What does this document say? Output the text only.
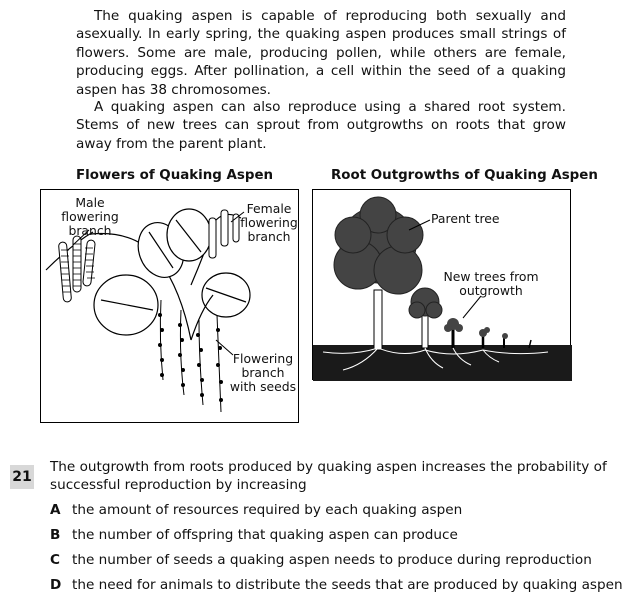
The quaking aspen is capable of reproducing both sexually and asexually. In early spring, the quaking aspen produces small strings of flowers. Some are male, producing pollen, while others are female, producing eggs. After pollination, a cell within the seed of a quaking aspen has 38 chromosomes.

A quaking aspen can also reproduce using a shared root system. Stems of new trees can sprout from outgrowths on roots that grow away from the parent plant.

Flowers of Quaking Aspen
Male flowering branch
Female flowering branch
Flowering branch with seeds
Root Outgrowths of Quaking Aspen
Parent tree
New trees from outgrowth
21

The outgrowth from roots produced by quaking aspen increases the probability of successful reproduction by increasing

A the amount of resources required by each quaking aspen
B the number of offspring that quaking aspen can produce
C the number of seeds a quaking aspen needs to produce during reproduction
D the need for animals to distribute the seeds that are produced by quaking aspen
